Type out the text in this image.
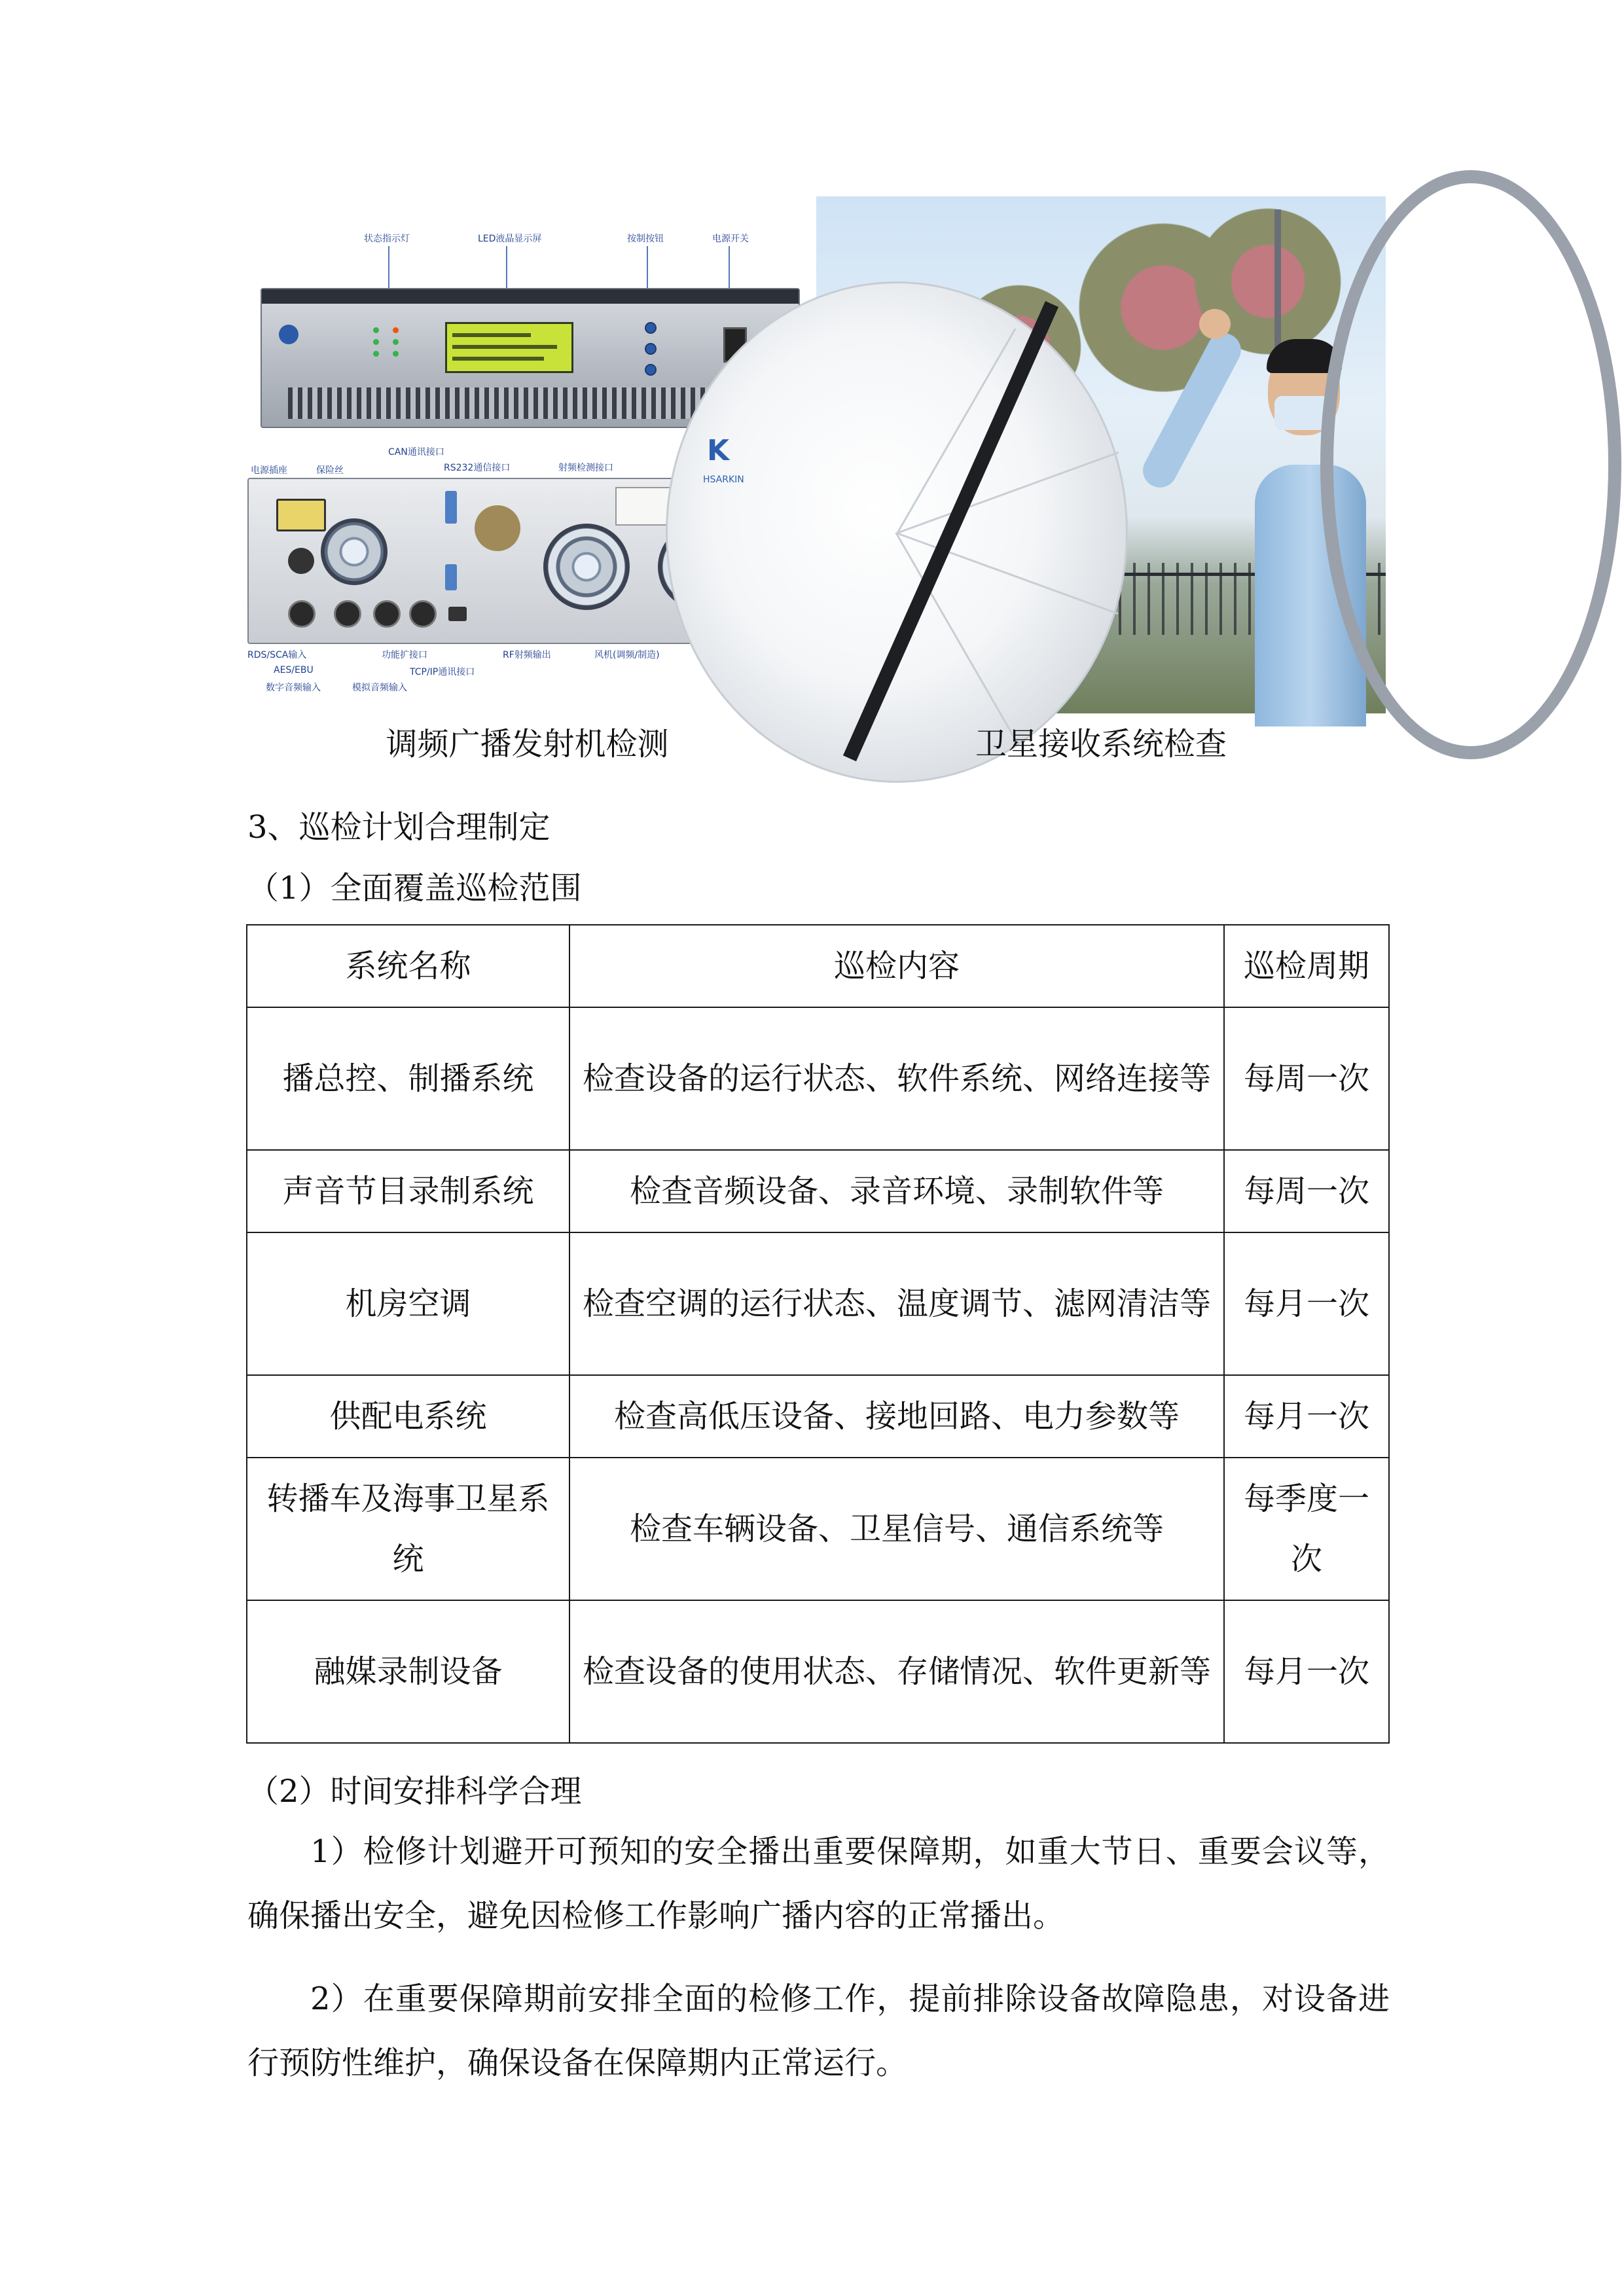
状态指示灯	LED液晶显示屏	按制按钮	电源开关
CAN通讯接口
电源插座	保险丝	RS232通信接口	射频检测接口
RDS/SCA输入	功能扩接口	RF射频输出	风机(调频/制造)
AES/EBU	TCP/IP通讯接口
数字音频输入	模拟音频输入
K
HSARKIN
调频广播发射机检测	卫星接收系统检查
3、巡检计划合理制定
（1）全面覆盖巡检范围
系统名称	巡检内容	巡检周期
播总控、制播系统	检查设备的运行状态、软件系统、网络连接等	每周一次
声音节目录制系统	检查音频设备、录音环境、录制软件等	每周一次
机房空调	检查空调的运行状态、温度调节、滤网清洁等	每月一次
供配电系统	检查高低压设备、接地回路、电力参数等	每月一次
转播车及海事卫星系统	检查车辆设备、卫星信号、通信系统等	每季度一次
融媒录制设备	检查设备的使用状态、存储情况、软件更新等	每月一次
（2）时间安排科学合理
1）检修计划避开可预知的安全播出重要保障期，如重大节日、重要会议等，确保播出安全，避免因检修工作影响广播内容的正常播出。
2）在重要保障期前安排全面的检修工作，提前排除设备故障隐患，对设备进行预防性维护，确保设备在保障期内正常运行。
